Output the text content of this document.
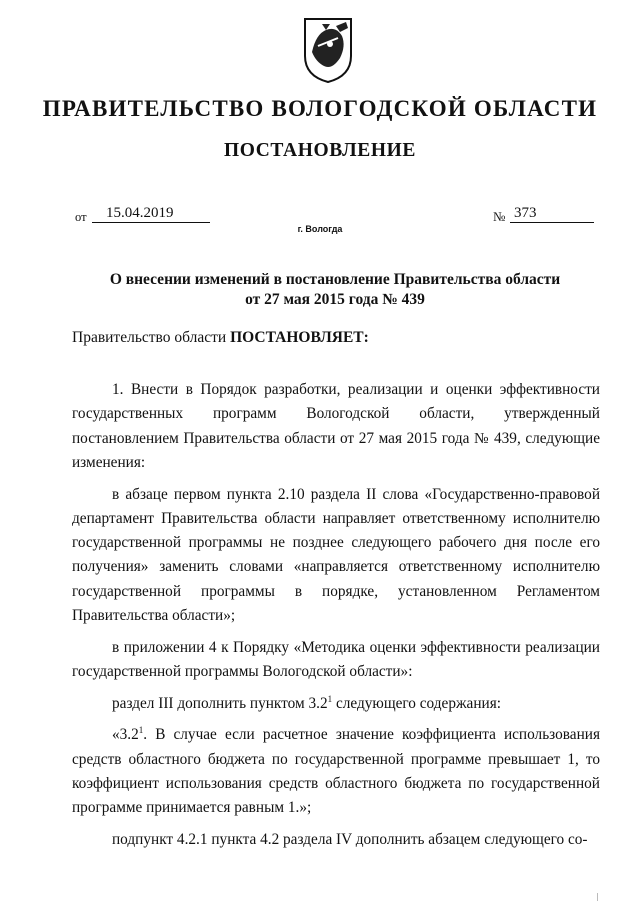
ПРАВИТЕЛЬСТВО ВОЛОГОДСКОЙ ОБЛАСТИ
ПОСТАНОВЛЕНИЕ
от	15.04.2019	№ 373
г. Вологда
О внесении изменений в постановление Правительства области
от 27 мая 2015 года № 439
Правительство области ПОСТАНОВЛЯЕТ:

1. Внести в Порядок разработки, реализации и оценки эффективности государственных программ Вологодской области, утвержденный постановлением Правительства области от 27 мая 2015 года № 439, следующие изменения:

в абзаце первом пункта 2.10 раздела II слова «Государственно-правовой департамент Правительства области направляет ответственному исполнителю государственной программы не позднее следующего рабочего дня после его получения» заменить словами «направляется ответственному исполнителю государственной программы в порядке, установленном Регламентом Правительства области»;

в приложении 4 к Порядку «Методика оценки эффективности реализации государственной программы Вологодской области»:

раздел III дополнить пунктом $3.2^1$ следующего содержания:

«$3.2^1$. В случае если расчетное значение коэффициента использования средств областного бюджета по государственной программе превышает 1, то коэффициент использования средств областного бюджета по государственной программе принимается равным 1.»;

подпункт 4.2.1 пункта 4.2 раздела IV дополнить абзацем следующего со-
